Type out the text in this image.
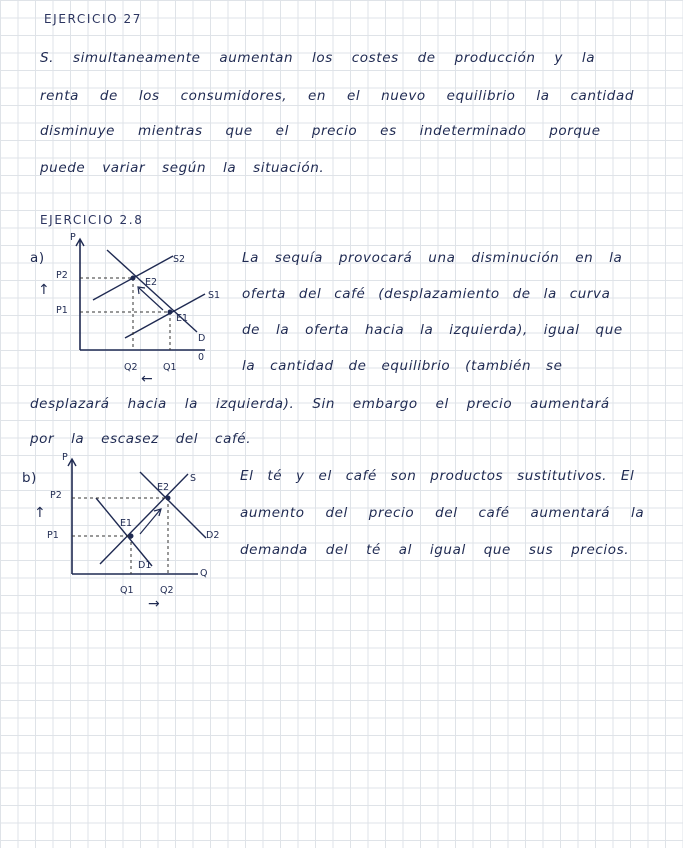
EJERCICIO 27
S. simultaneamente aumentan los costes de producción y la
renta de los consumidores, en el nuevo equilibrio la cantidad
disminuye mientras que el precio es indeterminado porque
puede variar según la situación.
EJERCICIO 2.8
a)
P
P2
P1
↑
S2
S1
D
0
E2
E1
Q2	Q1
←
La sequía provocará una disminución en la
oferta del café (desplazamiento de la curva
de la oferta hacia la izquierda), igual que
la cantidad de equilibrio (también se
desplazará hacia la izquierda). Sin embargo el precio aumentará
por la escasez del café.
b)
P
P2
P1
↑
S
E2
E1
D2
D1
Q
Q1	Q2
→
El té y el café son productos sustitutivos. El
aumento del precio del café aumentará la
demanda del té al igual que sus precios.
